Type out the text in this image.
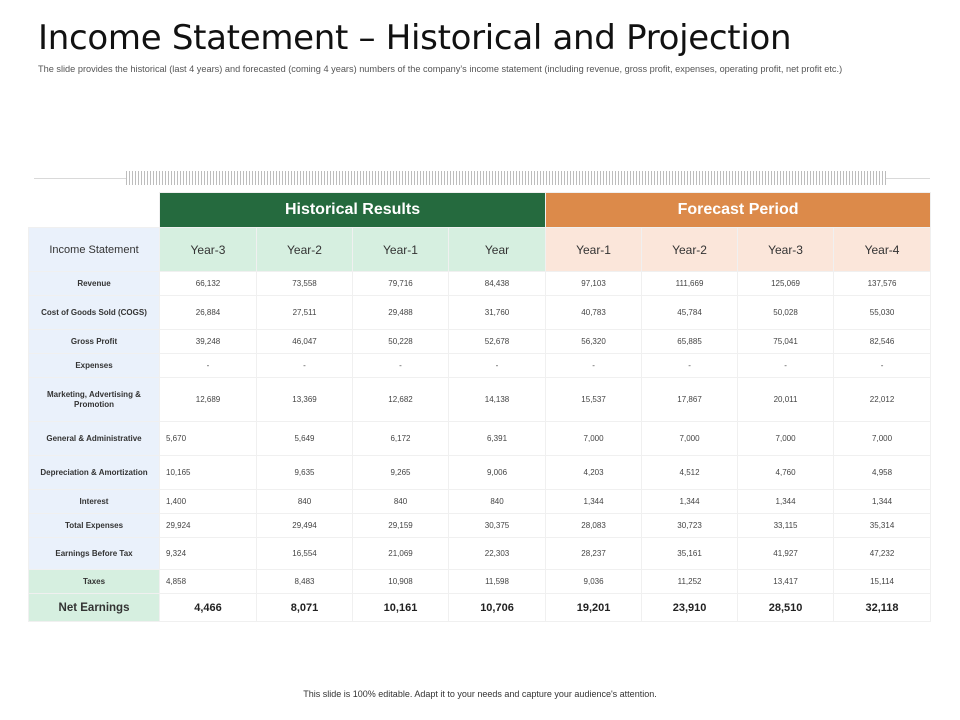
Income Statement – Historical and Projection

The slide provides the historical (last 4 years) and forecasted (coming 4 years) numbers of the company’s income statement (including revenue, gross profit, expenses, operating profit, net profit etc.)

	Historical Results				Forecast Period			
Income Statement	Year-3	Year-2	Year-1	Year	Year-1	Year-2	Year-3	Year-4
Revenue	66,132	73,558	79,716	84,438	97,103	111,669	125,069	137,576
Cost of Goods Sold (COGS)	26,884	27,511	29,488	31,760	40,783	45,784	50,028	55,030
Gross Profit	39,248	46,047	50,228	52,678	56,320	65,885	75,041	82,546
Expenses	-	-	-	-	-	-	-	-
Marketing, Advertising & Promotion	12,689	13,369	12,682	14,138	15,537	17,867	20,011	22,012
General & Administrative	5,670	5,649	6,172	6,391	7,000	7,000	7,000	7,000
Depreciation & Amortization	10,165	9,635	9,265	9,006	4,203	4,512	4,760	4,958
Interest	1,400	840	840	840	1,344	1,344	1,344	1,344
Total Expenses	29,924	29,494	29,159	30,375	28,083	30,723	33,115	35,314
Earnings Before Tax	9,324	16,554	21,069	22,303	28,237	35,161	41,927	47,232
Taxes	4,858	8,483	10,908	11,598	9,036	11,252	13,417	15,114
Net Earnings	4,466	8,071	10,161	10,706	19,201	23,910	28,510	32,118
This slide is 100% editable. Adapt it to your needs and capture your audience's attention.
